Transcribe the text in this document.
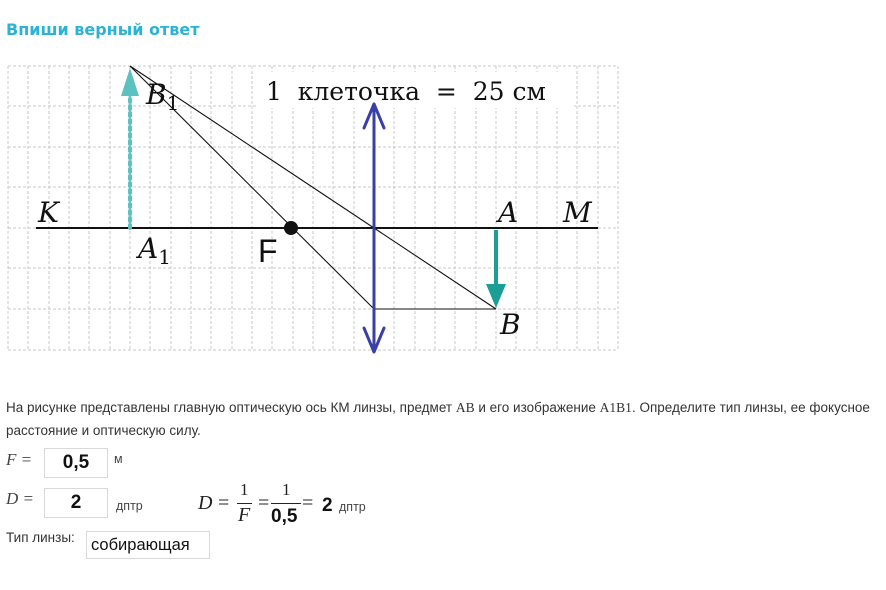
Впиши верный ответ
1  клеточка  =  25 см
K	M
A
B
A1
B1
F
На рисунке представлены главную оптическую ось КМ линзы, предмет AB и его изображение A1B1. Определите тип линзы, ее фокусное расстояние и оптическую силу.
F =	0,5	м
D =	2	дптр	D =
1
F
=
1
0,5
= 2 дптр
Тип линзы: собирающая
